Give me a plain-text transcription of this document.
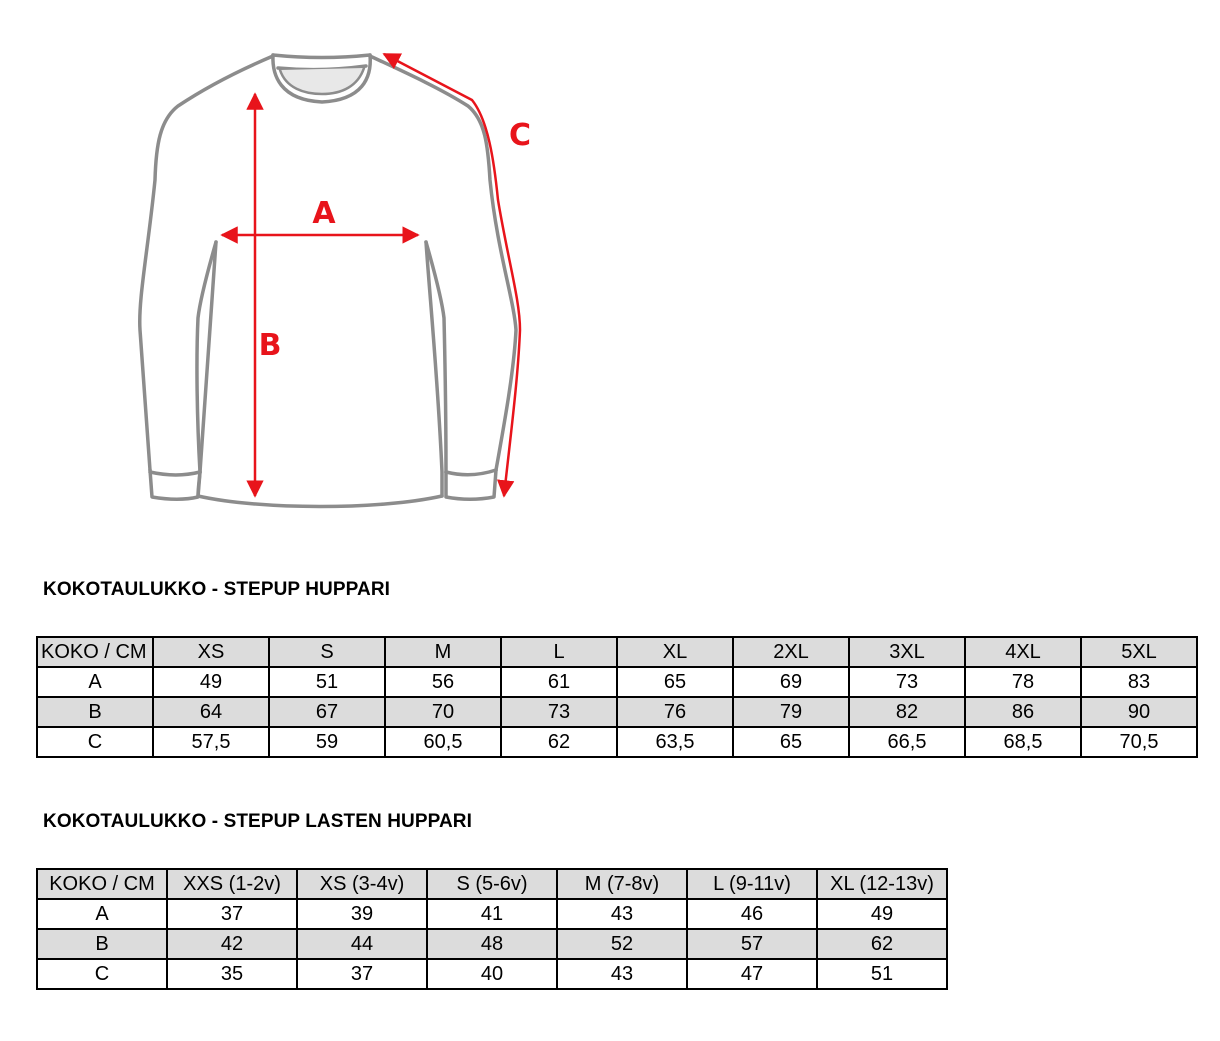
A
B
C
KOKOTAULUKKO - STEPUP HUPPARI
KOKO / CM	XS	S	M	L	XL	2XL	3XL	4XL	5XL
A	49	51	56	61	65	69	73	78	83
B	64	67	70	73	76	79	82	86	90
C	57,5	59	60,5	62	63,5	65	66,5	68,5	70,5
KOKOTAULUKKO - STEPUP LASTEN HUPPARI
KOKO / CM	XXS (1-2v)	XS (3-4v)	S (5-6v)	M (7-8v)	L (9-11v)	XL (12-13v)
A	37	39	41	43	46	49
B	42	44	48	52	57	62
C	35	37	40	43	47	51
